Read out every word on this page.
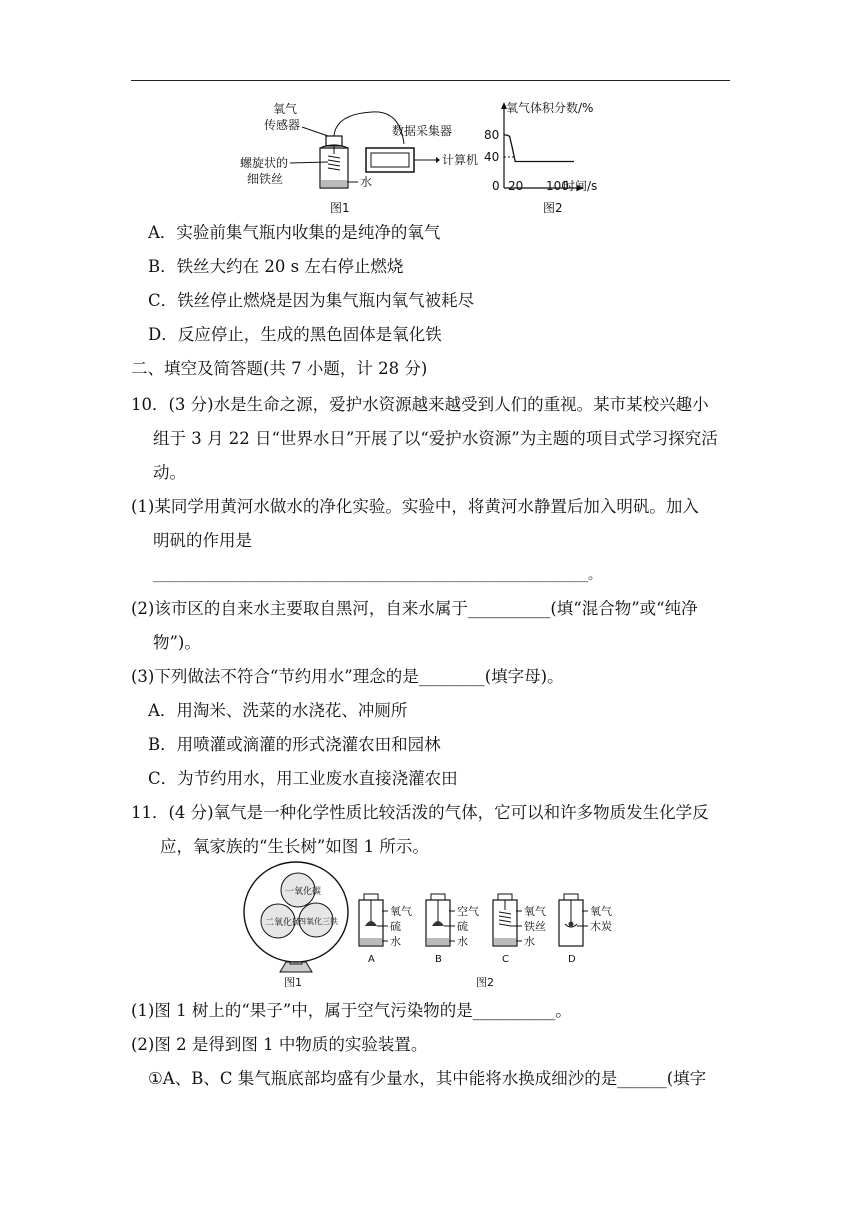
氧气
传感器
螺旋状的
细铁丝	水
数据采集器
计算机
图1
氧气体积分数/%
80
40
0 20 100
时间/s
图2
A．实验前集气瓶内收集的是纯净的氧气
B．铁丝大约在 20 s 左右停止燃烧
C．铁丝停止燃烧是因为集气瓶内氧气被耗尽
D．反应停止，生成的黑色固体是氧化铁
二、填空及简答题(共 7 小题，计 28 分)
10．(3 分)水是生命之源，爱护水资源越来越受到人们的重视。某市某校兴趣小
组于 3 月 22 日“世界水日”开展了以“爱护水资源”为主题的项目式学习探究活
动。
(1)某同学用黄河水做水的净化实验。实验中，将黄河水静置后加入明矾。加入
明矾的作用是
________________________________________________________________。
(2)该市区的自来水主要取自黑河，自来水属于__________(填“混合物”或“纯净
物”)。
(3)下列做法不符合“节约用水”理念的是________(填字母)。
A．用淘米、洗菜的水浇花、冲厕所
B．用喷灌或滴灌的形式浇灌农田和园林
C．为节约用水，用工业废水直接浇灌农田
11．(4 分)氧气是一种化学性质比较活泼的气体，它可以和许多物质发生化学反
应，氧家族的“生长树”如图 1 所示。
一氧化碳
二氧化硫
四氧化三铁
图1
氧气
硫
水
A
空气
硫
水
B
氧气
铁丝
水
C
氧气
木炭
D
图2
(1)图 1 树上的“果子”中，属于空气污染物的是__________。
(2)图 2 是得到图 1 中物质的实验装置。
①A、B、C 集气瓶底部均盛有少量水，其中能将水换成细沙的是______(填字
